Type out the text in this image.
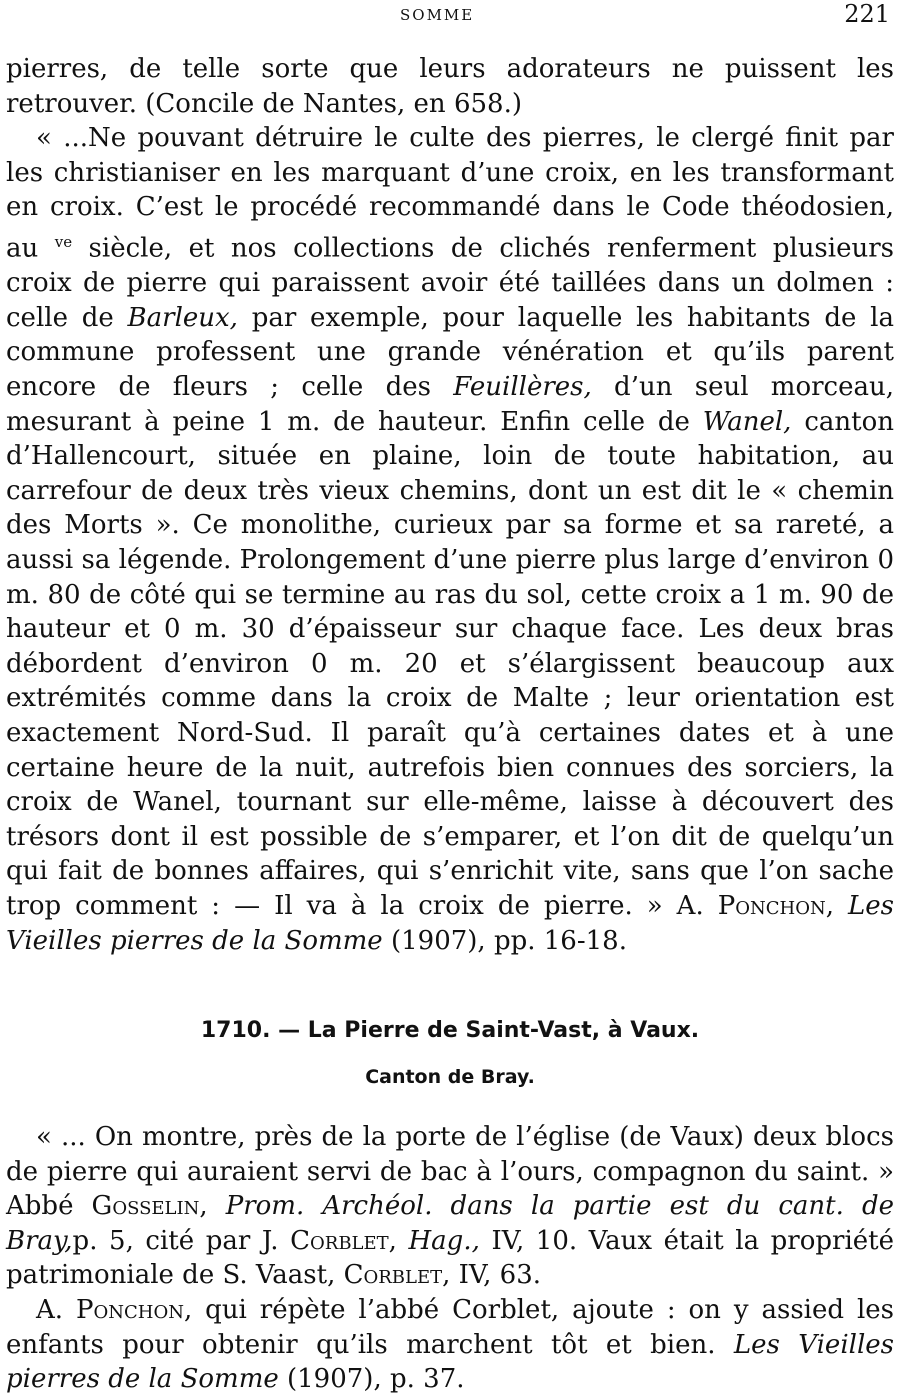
SOMME	221

pierres, de telle sorte que leurs adorateurs ne puissent les retrouver. (Concile de Nantes, en 658.)

« ...Ne pouvant détruire le culte des pierres, le clergé finit par les christianiser en les marquant d’une croix, en les transformant en croix. C’est le procédé recommandé dans le Code théodosien, au $^{ve}$ siècle, et nos collections de clichés renferment plusieurs croix de pierre qui paraissent avoir été taillées dans un dolmen : celle de Barleux, par exemple, pour laquelle les habitants de la commune professent une grande vénération et qu’ils parent encore de fleurs ; celle des Feuillères, d’un seul morceau, mesurant à peine 1 m. de hauteur. Enfin celle de Wanel, canton d’Hallencourt, située en plaine, loin de toute habitation, au carrefour de deux très vieux chemins, dont un est dit le « chemin des Morts ». Ce monolithe, curieux par sa forme et sa rareté, a aussi sa légende. Prolongement d’une pierre plus large d’environ 0 m. 80 de côté qui se termine au ras du sol, cette croix a 1 m. 90 de hauteur et 0 m. 30 d’épaisseur sur chaque face. Les deux bras débordent d’environ 0 m. 20 et s’élargissent beaucoup aux extrémités comme dans la croix de Malte ; leur orientation est exactement Nord-Sud. Il paraît qu’à certaines dates et à une certaine heure de la nuit, autrefois bien connues des sorciers, la croix de Wanel, tournant sur elle-même, laisse à découvert des trésors dont il est possible de s’emparer, et l’on dit de quelqu’un qui fait de bonnes affaires, qui s’enrichit vite, sans que l’on sache trop comment : — Il va à la croix de pierre. » A. Ponchon, Les Vieilles pierres de la Somme (1907), pp. 16-18.

1710. — La Pierre de Saint-Vast, à Vaux.
Canton de Bray.

« ... On montre, près de la porte de l’église (de Vaux) deux blocs de pierre qui auraient servi de bac à l’ours, compagnon du saint. » Abbé Gosselin, Prom. Archéol. dans la partie est du cant. de Bray,p. 5, cité par J. Corblet, Hag., IV, 10. Vaux était la propriété patrimoniale de S. Vaast, Corblet, IV, 63.

A. Ponchon, qui répète l’abbé Corblet, ajoute : on y assied les enfants pour obtenir qu’ils marchent tôt et bien. Les Vieilles pierres de la Somme (1907), p. 37.
